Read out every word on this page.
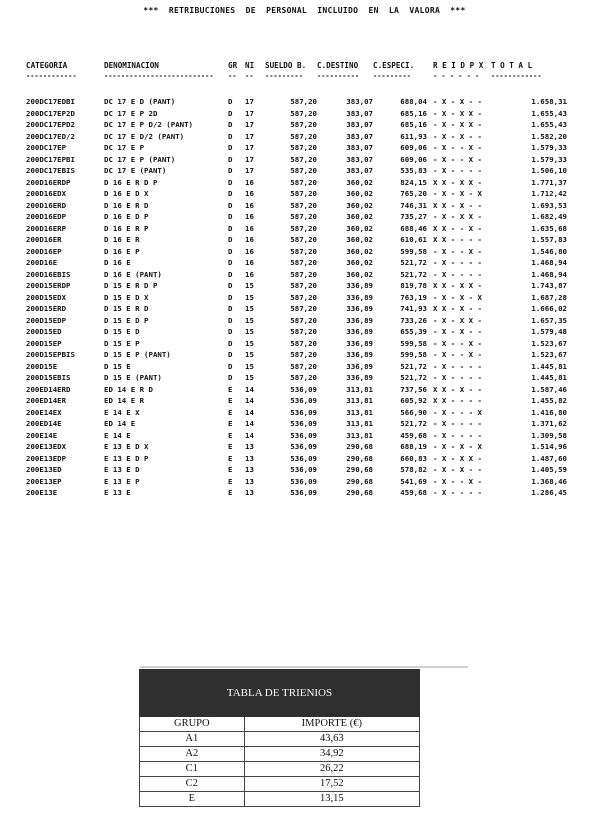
***  RETRIBUCIONES  DE  PERSONAL  INCLUIDO  EN  LA  VALORA  ***
CATEGORIA	DENOMINACION	GR	NI	SUELDO B.	C.DESTINO	C.ESPECI.	R E I D P X	T O T A L
------------	--------------------------	--	--	---------	----------	---------	- - - - - -	------------

200DC17EDBI	DC 17 E D (PANT)	D	17	587,20	383,07	688,04	- X - X - -	1.658,31
200DC17EP2D	DC 17 E P 2D	D	17	587,20	383,07	685,16	- X - X X -	1.655,43
200DC17EPD2	DC 17 E P D/2 (PANT)	D	17	587,20	383,07	685,16	- X - X X -	1.655,43
200DC17ED/2	DC 17 E D/2 (PANT)	D	17	587,20	383,07	611,93	- X - X - -	1.582,20
200DC17EP	DC 17 E P	D	17	587,20	383,07	609,06	- X - - X -	1.579,33
200DC17EPBI	DC 17 E P (PANT)	D	17	587,20	383,07	609,06	- X - - X -	1.579,33
200DC17EBIS	DC 17 E (PANT)	D	17	587,20	383,07	535,83	- X - - - -	1.506,10
200D16ERDP	D 16 E R D P	D	16	587,20	360,02	824,15	X X - X X -	1.771,37
200D16EDX	D 16 E D X	D	16	587,20	360,02	765,20	- X - X - X	1.712,42
200D16ERD	D 16 E R D	D	16	587,20	360,02	746,31	X X - X - -	1.693,53
200D16EDP	D 16 E D P	D	16	587,20	360,02	735,27	- X - X X -	1.682,49
200D16ERP	D 16 E R P	D	16	587,20	360,02	688,46	X X - - X -	1.635,68
200D16ER	D 16 E R	D	16	587,20	360,02	610,61	X X - - - -	1.557,83
200D16EP	D 16 E P	D	16	587,20	360,02	599,58	- X - - X -	1.546,80
200D16E	D 16 E	D	16	587,20	360,02	521,72	- X - - - -	1.468,94
200D16EBIS	D 16 E (PANT)	D	16	587,20	360,02	521,72	- X - - - -	1.468,94
200D15ERDP	D 15 E R D P	D	15	587,20	336,89	819,78	X X - X X -	1.743,87
200D15EDX	D 15 E D X	D	15	587,20	336,89	763,19	- X - X - X	1.687,28
200D15ERD	D 15 E R D	D	15	587,20	336,89	741,93	X X - X - -	1.666,02
200D15EDP	D 15 E D P	D	15	587,20	336,89	733,26	- X - X X -	1.657,35
200D15ED	D 15 E D	D	15	587,20	336,89	655,39	- X - X - -	1.579,48
200D15EP	D 15 E P	D	15	587,20	336,89	599,58	- X - - X -	1.523,67
200D15EPBIS	D 15 E P (PANT)	D	15	587,20	336,89	599,58	- X - - X -	1.523,67
200D15E	D 15 E	D	15	587,20	336,89	521,72	- X - - - -	1.445,81
200D15EBIS	D 15 E (PANT)	D	15	587,20	336,89	521,72	- X - - - -	1.445,81
200ED14ERD	ED 14 E R D	E	14	536,09	313,81	737,56	X X - X - -	1.587,46
200ED14ER	ED 14 E R	E	14	536,09	313,81	605,92	X X - - - -	1.455,82
200E14EX	E 14 E X	E	14	536,09	313,81	566,90	- X - - - X	1.416,80
200ED14E	ED 14 E	E	14	536,09	313,81	521,72	- X - - - -	1.371,62
200E14E	E 14 E	E	14	536,09	313,81	459,68	- X - - - -	1.309,58
200E13EDX	E 13 E D X	E	13	536,09	290,68	688,19	- X - X - X	1.514,96
200E13EDP	E 13 E D P	E	13	536,09	290,68	660,83	- X - X X -	1.487,60
200E13ED	E 13 E D	E	13	536,09	290,68	578,82	- X - X - -	1.405,59
200E13EP	E 13 E P	E	13	536,09	290,68	541,69	- X - - X -	1.368,46
200E13E	E 13 E	E	13	536,09	290,68	459,68	- X - - - -	1.286,45
TABLA DE TRIENIOS	
GRUPO	IMPORTE (€)
A1	43,63
A2	34,92
C1	26,22
C2	17,52
E	13,15
